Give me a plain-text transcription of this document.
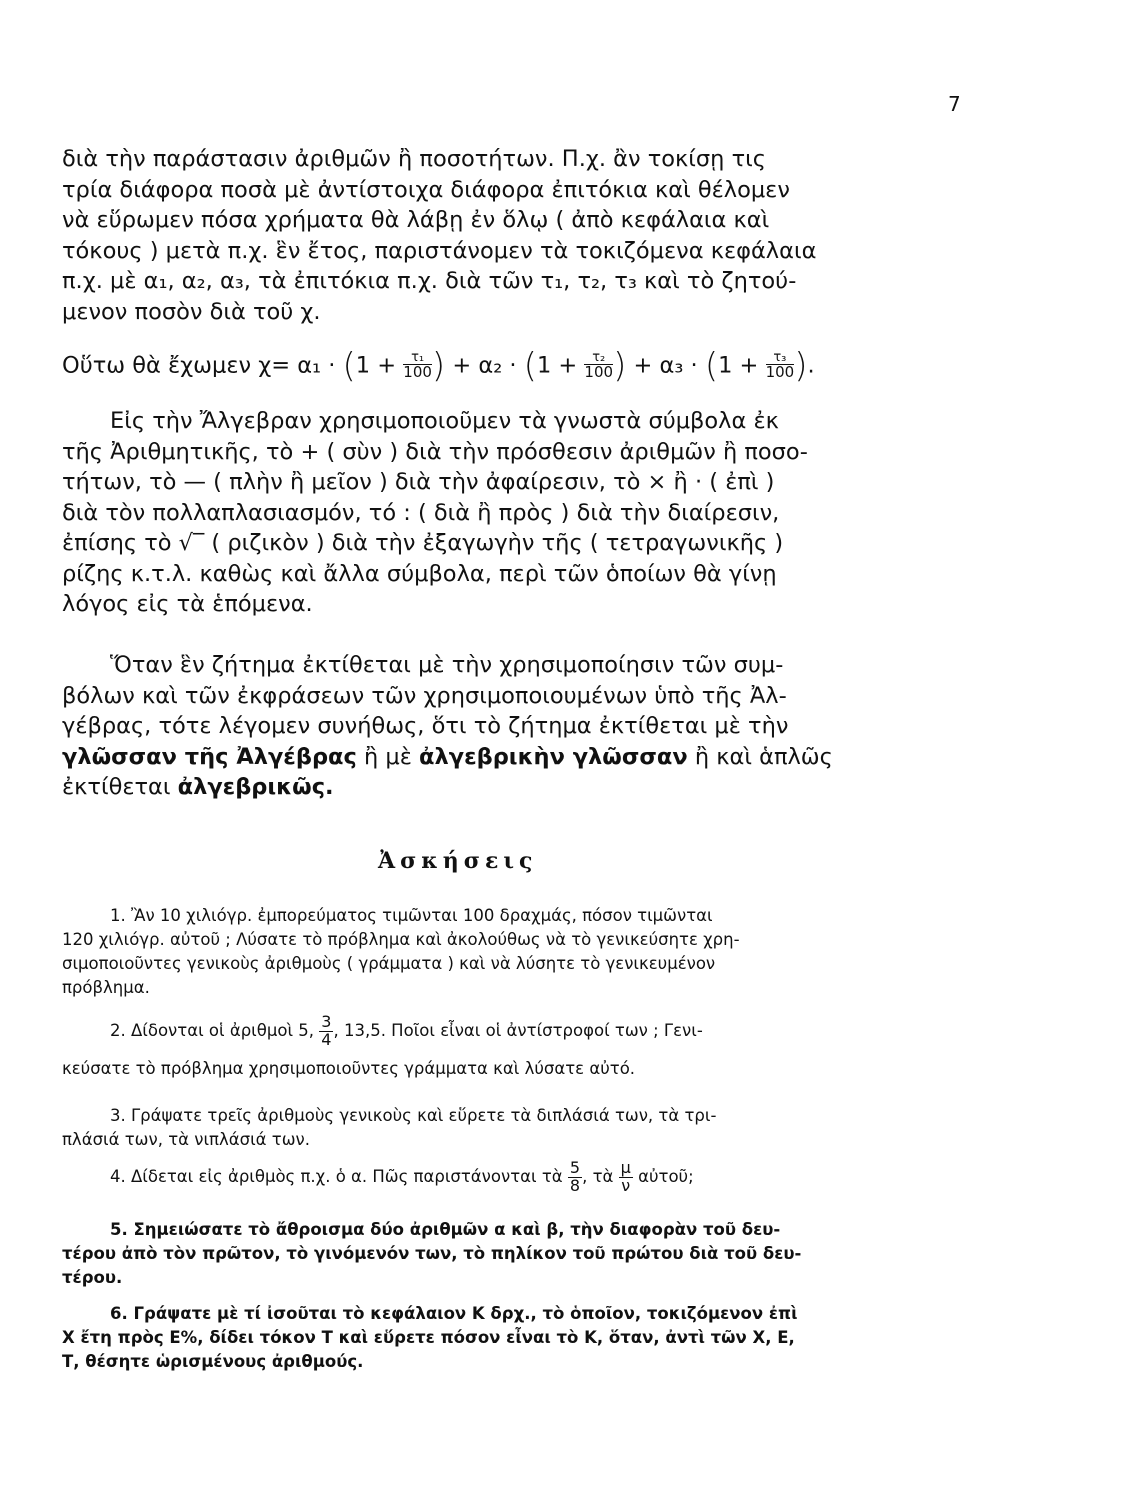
7
διὰ τὴν παράστασιν ἀριθμῶν ἢ ποσοτήτων. Π.χ. ἂν τοκίσῃ τις
τρία διάφορα ποσὰ μὲ ἀντίστοιχα διάφορα ἐπιτόκια καὶ θέλομεν
νὰ εὕρωμεν πόσα χρήματα θὰ λάβῃ ἐν ὅλῳ ( ἀπὸ κεφάλαια καὶ
τόκους ) μετὰ π.χ. ἓν ἔτος, παριστάνομεν τὰ τοκιζόμενα κεφάλαια
π.χ. μὲ α₁, α₂, α₃, τὰ ἐπιτόκια π.χ. διὰ τῶν τ₁, τ₂, τ₃ καὶ τὸ ζητού-
μενον ποσὸν διὰ τοῦ χ.
Οὕτω θὰ ἔχωμεν $\chi= \alpha_1 \cdot (1 + \frac{\text{τ₁}}{100}$ ) + $\alpha_2 \cdot (1 + \frac{\text{τ₂}}{100}$ ) + $\alpha_3 \cdot (1 + \frac{\text{τ₃}}{100}$ ).
Εἰς τὴν Ἄλγεβραν χρησιμοποιοῦμεν τὰ γνωστὰ σύμβολα ἐκ
τῆς Ἀριθμητικῆς, τὸ + ( σὺν ) διὰ τὴν πρόσθεσιν ἀριθμῶν ἢ ποσο-
τήτων, τὸ — ( πλὴν ἢ μεῖον ) διὰ τὴν ἀφαίρεσιν, τὸ × ἢ · ( ἐπὶ )
διὰ τὸν πολλαπλασιασμόν, τό : ( διὰ ἢ πρὸς ) διὰ τὴν διαίρεσιν,
ἐπίσης τὸ √‾ ( ριζικὸν ) διὰ τὴν ἐξαγωγὴν τῆς ( τετραγωνικῆς )
ρίζης κ.τ.λ. καθὼς καὶ ἄλλα σύμβολα, περὶ τῶν ὁποίων θὰ γίνῃ
λόγος εἰς τὰ ἑπόμενα.
Ὅταν ἓν ζήτημα ἐκτίθεται μὲ τὴν χρησιμοποίησιν τῶν συμ-
βόλων καὶ τῶν ἐκφράσεων τῶν χρησιμοποιουμένων ὑπὸ τῆς Ἀλ-
γέβρας, τότε λέγομεν συνήθως, ὅτι τὸ ζήτημα ἐκτίθεται μὲ τὴν
γλῶσσαν τῆς Ἀλγέβρας ἢ μὲ ἀλγεβρικὴν γλῶσσαν ἢ καὶ ἁπλῶς
ἐκτίθεται ἀλγεβρικῶς.
Ἀσκήσεις
1. Ἂν 10 χιλιόγρ. ἐμπορεύματος τιμῶνται 100 δραχμάς, πόσον τιμῶνται
120 χιλιόγρ. αὐτοῦ ; Λύσατε τὸ πρόβλημα καὶ ἀκολούθως νὰ τὸ γενικεύσητε χρη-
σιμοποιοῦντες γενικοὺς ἀριθμοὺς ( γράμματα ) καὶ νὰ λύσητε τὸ γενικευμένον
πρόβλημα.
2. Δίδονται οἱ ἀριθμοὶ 5, $\frac{3}{4}$ , 13,5. Ποῖοι εἶναι οἱ ἀντίστροφοί των ; Γενι-
κεύσατε τὸ πρόβλημα χρησιμοποιοῦντες γράμματα καὶ λύσατε αὐτό.
3. Γράψατε τρεῖς ἀριθμοὺς γενικοὺς καὶ εὕρετε τὰ διπλάσιά των, τὰ τρι-
πλάσιά των, τὰ νιπλάσιά των.
4. Δίδεται εἰς ἀριθμὸς π.χ. ὁ α. Πῶς παριστάνονται τὰ $\frac{5}{8}$ , τὰ $\frac{\mu}{\nu}$ αὐτοῦ;
5. Σημειώσατε τὸ ἄθροισμα δύο ἀριθμῶν α καὶ β, τὴν διαφορὰν τοῦ δευ-
τέρου ἀπὸ τὸν πρῶτον, τὸ γινόμενόν των, τὸ πηλίκον τοῦ πρώτου διὰ τοῦ δευ-
τέρου.
6. Γράψατε μὲ τί ἰσοῦται τὸ κεφάλαιον Κ δρχ., τὸ ὁποῖον, τοκιζόμενον ἐπὶ
Χ ἔτη πρὸς Ε%, δίδει τόκον Τ καὶ εὕρετε πόσον εἶναι τὸ Κ, ὅταν, ἀντὶ τῶν Χ, Ε,
Τ, θέσητε ὡρισμένους ἀριθμούς.
